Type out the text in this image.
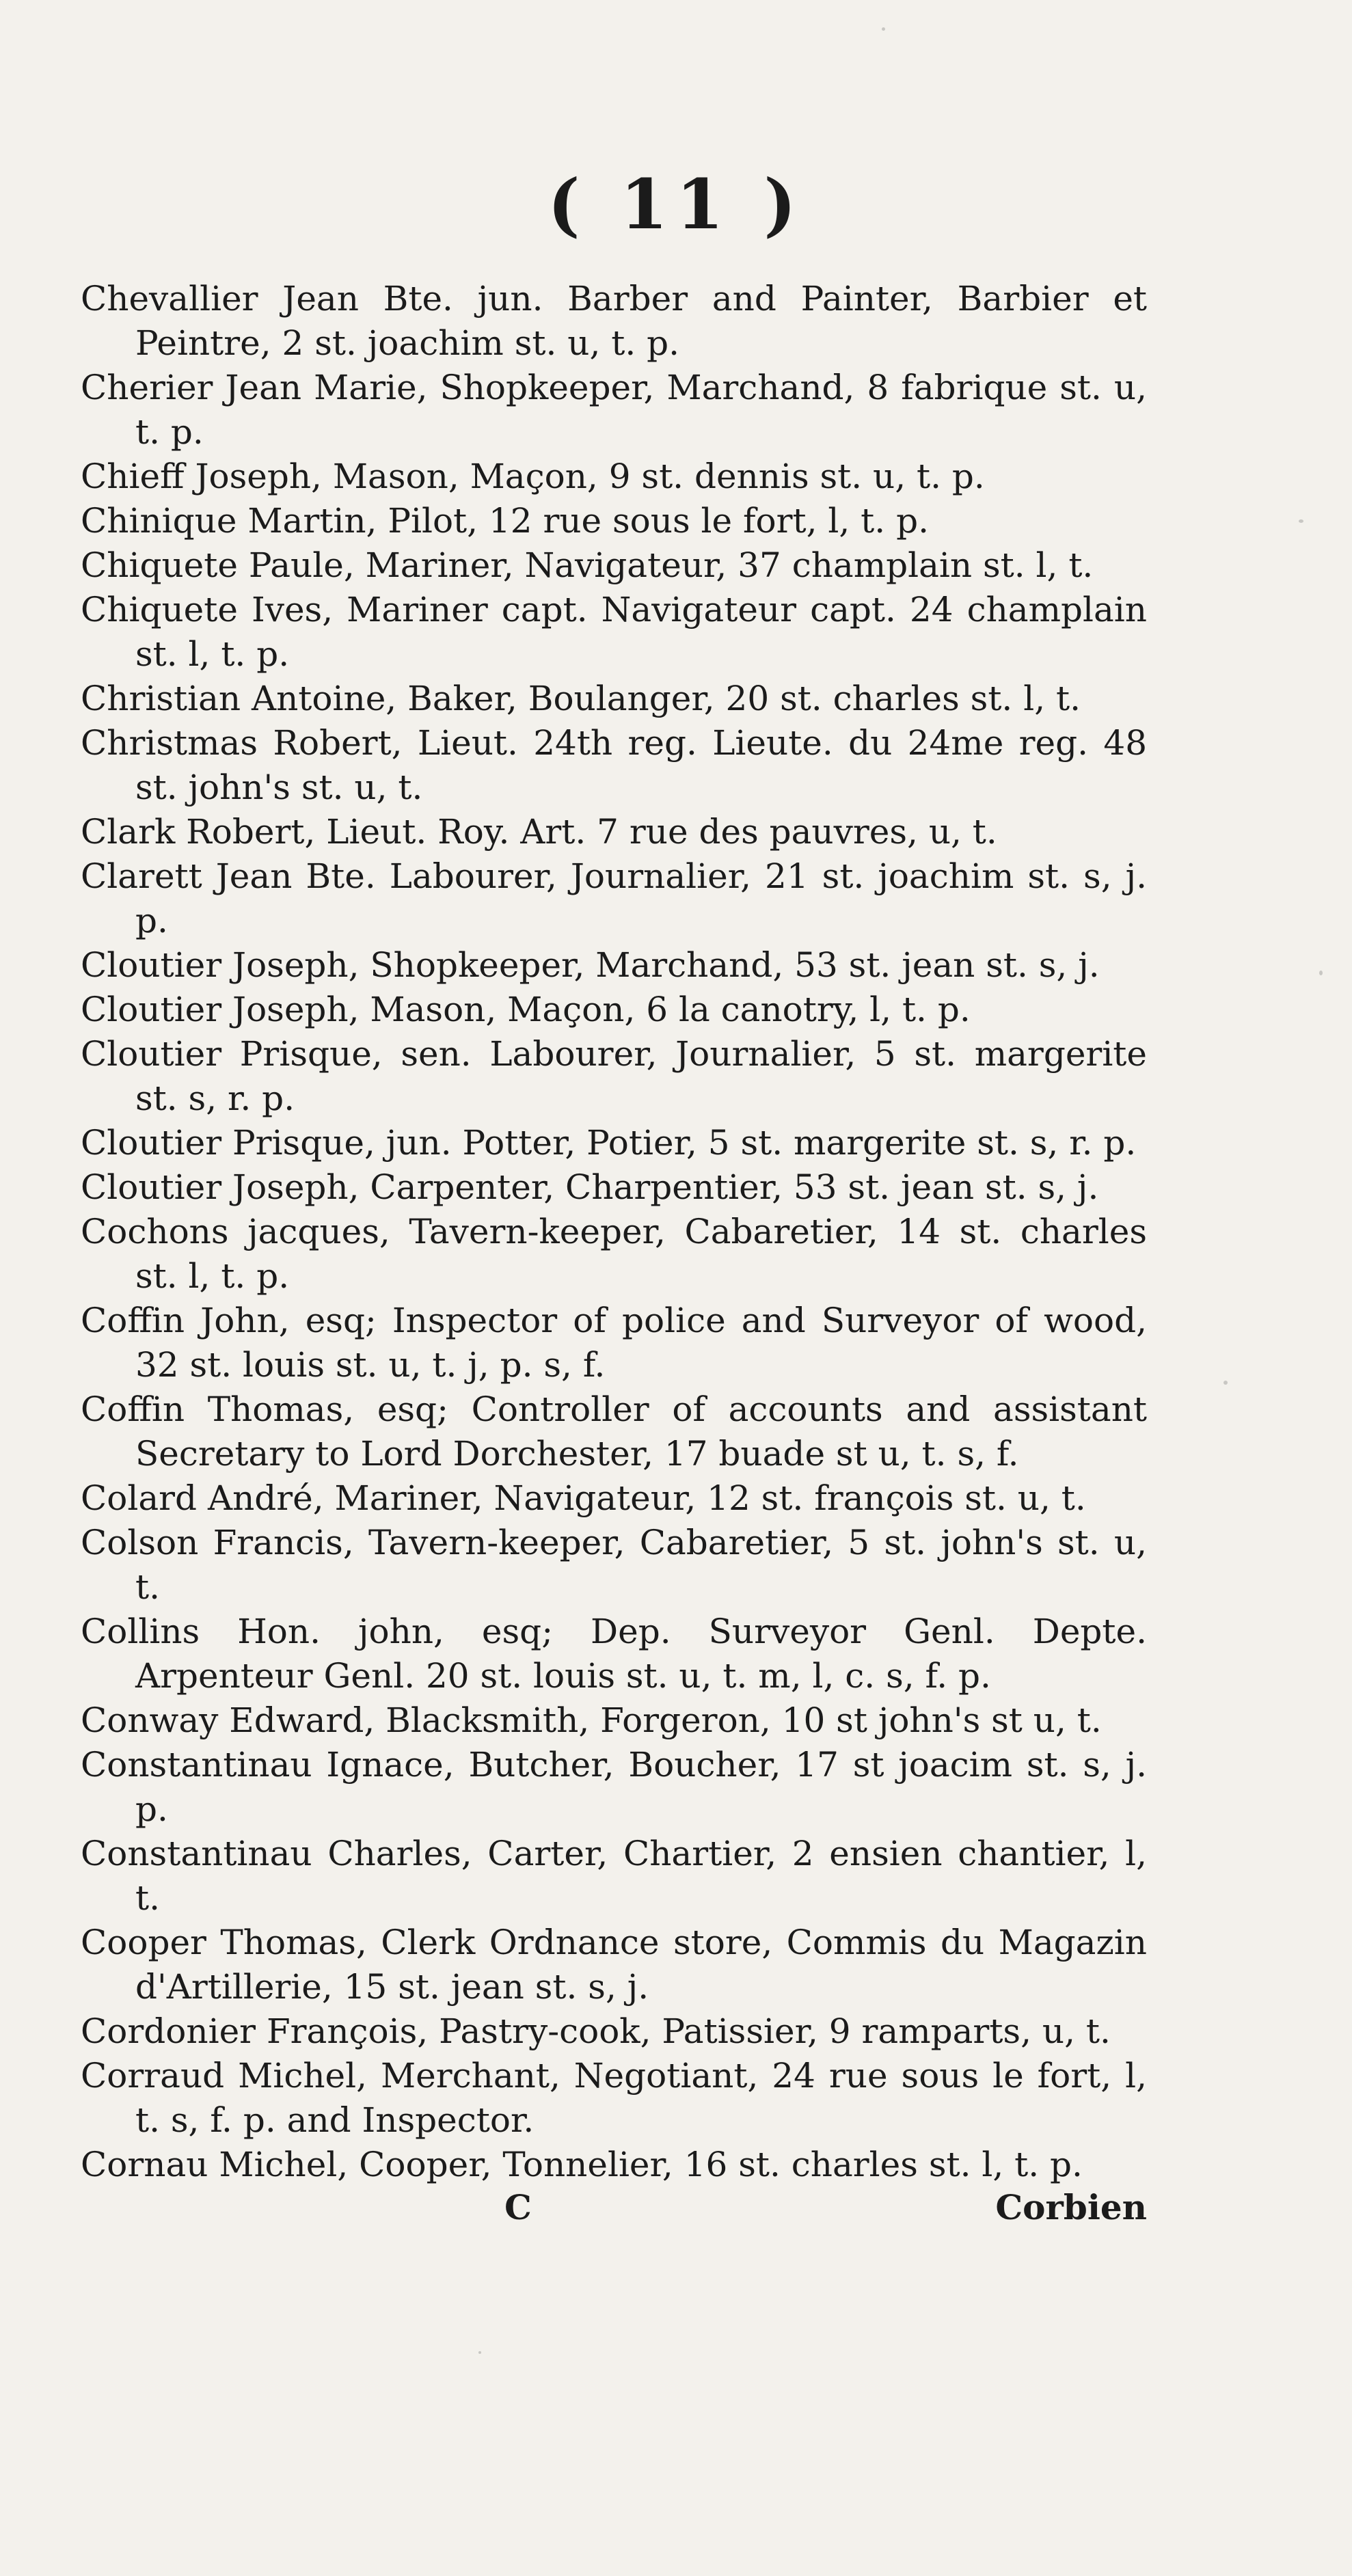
( 11 )
Chevallier Jean Bte. jun. Barber and Painter, Barbier et Peintre, 2 st. joachim st. u, t. p.
Cherier Jean Marie, Shopkeeper, Marchand, 8 fabrique st. u, t. p.
Chieff Joseph, Mason, Maçon, 9 st. dennis st. u, t. p.
Chinique Martin, Pilot, 12 rue sous le fort, l, t. p.
Chiquete Paule, Mariner, Navigateur, 37 champlain st. l, t.
Chiquete Ives, Mariner capt. Navigateur capt. 24 champlain st. l, t. p.
Christian Antoine, Baker, Boulanger, 20 st. charles st. l, t.
Christmas Robert, Lieut. 24th reg. Lieute. du 24me reg. 48 st. john's st. u, t.
Clark Robert, Lieut. Roy. Art. 7 rue des pauvres, u, t.
Clarett Jean Bte. Labourer, Journalier, 21 st. joachim st. s, j. p.
Cloutier Joseph, Shopkeeper, Marchand, 53 st. jean st. s, j.
Cloutier Joseph, Mason, Maçon, 6 la canotry, l, t. p.
Cloutier Prisque, sen. Labourer, Journalier, 5 st. margerite st. s, r. p.
Cloutier Prisque, jun. Potter, Potier, 5 st. margerite st. s, r. p.
Cloutier Joseph, Carpenter, Charpentier, 53 st. jean st. s, j.
Cochons jacques, Tavern-keeper, Cabaretier, 14 st. charles st. l, t. p.
Coffin John, esq; Inspector of police and Surveyor of wood, 32 st. louis st. u, t. j, p. s, f.
Coffin Thomas, esq; Controller of accounts and assistant Secretary to Lord Dorchester, 17 buade st u, t. s, f.
Colard André, Mariner, Navigateur, 12 st. françois st. u, t.
Colson Francis, Tavern-keeper, Cabaretier, 5 st. john's st. u, t.
Collins Hon. john, esq; Dep. Surveyor Genl. Depte. Arpenteur Genl. 20 st. louis st. u, t. m, l, c. s, f. p.
Conway Edward, Blacksmith, Forgeron, 10 st john's st u, t.
Constantinau Ignace, Butcher, Boucher, 17 st joacim st. s, j. p.
Constantinau Charles, Carter, Chartier, 2 ensien chantier, l, t.
Cooper Thomas, Clerk Ordnance store, Commis du Magazin d'Artillerie, 15 st. jean st. s, j.
Cordonier François, Pastry-cook, Patissier, 9 ramparts, u, t.
Corraud Michel, Merchant, Negotiant, 24 rue sous le fort, l, t. s, f. p. and Inspector.
Cornau Michel, Cooper, Tonnelier, 16 st. charles st. l, t. p.
C	Corbien
